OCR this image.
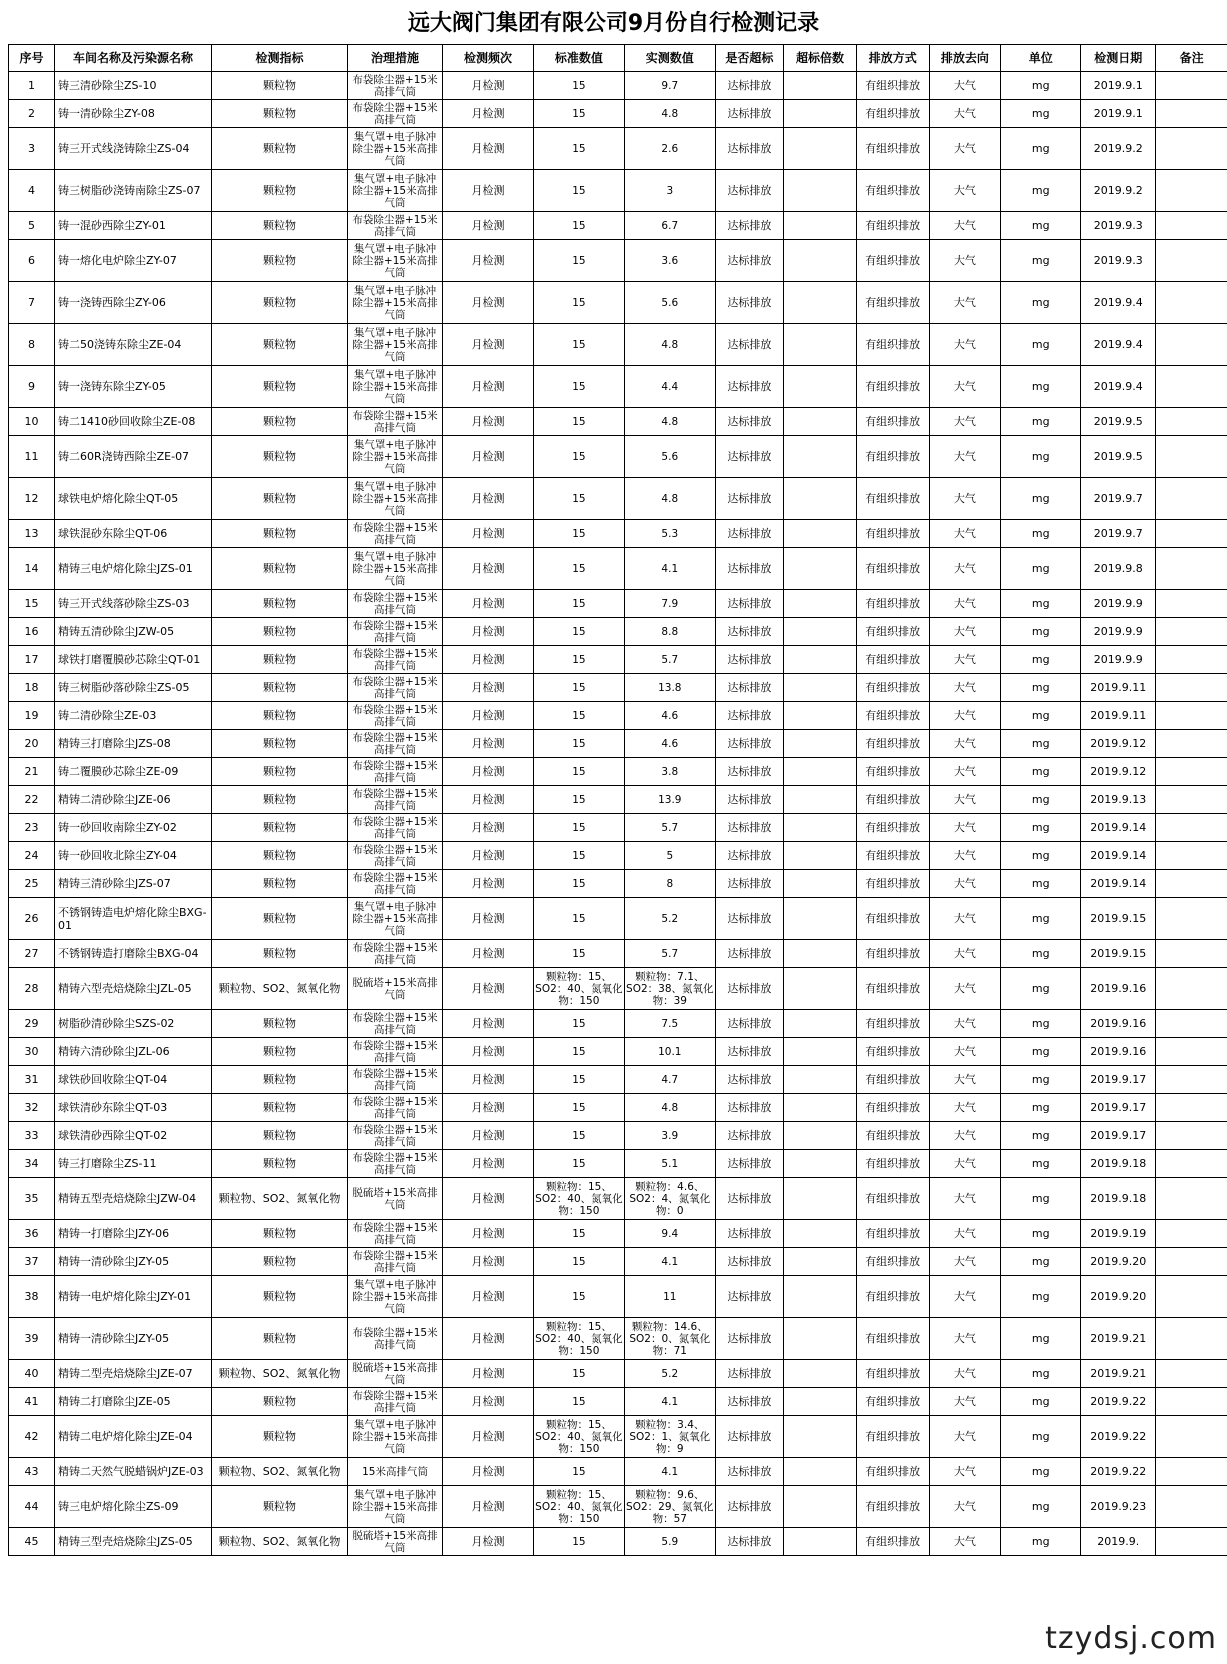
远大阀门集团有限公司9月份自行检测记录
序号	车间名称及污染源名称	检测指标	治理措施	检测频次	标准数值	实测数值	是否超标	超标倍数	排放方式	排放去向	单位	检测日期	备注
1	铸三清砂除尘ZS-10	颗粒物	布袋除尘器+15米高排气筒	月检测	15	9.7	达标排放		有组织排放	大气	mg	2019.9.1	
2	铸一清砂除尘ZY-08	颗粒物	布袋除尘器+15米高排气筒	月检测	15	4.8	达标排放		有组织排放	大气	mg	2019.9.1	
3	铸三开式线浇铸除尘ZS-04	颗粒物	集气罩+电子脉冲除尘器+15米高排气筒	月检测	15	2.6	达标排放		有组织排放	大气	mg	2019.9.2	
4	铸三树脂砂浇铸南除尘ZS-07	颗粒物	集气罩+电子脉冲除尘器+15米高排气筒	月检测	15	3	达标排放		有组织排放	大气	mg	2019.9.2	
5	铸一混砂西除尘ZY-01	颗粒物	布袋除尘器+15米高排气筒	月检测	15	6.7	达标排放		有组织排放	大气	mg	2019.9.3	
6	铸一熔化电炉除尘ZY-07	颗粒物	集气罩+电子脉冲除尘器+15米高排气筒	月检测	15	3.6	达标排放		有组织排放	大气	mg	2019.9.3	
7	铸一浇铸西除尘ZY-06	颗粒物	集气罩+电子脉冲除尘器+15米高排气筒	月检测	15	5.6	达标排放		有组织排放	大气	mg	2019.9.4	
8	铸二50浇铸东除尘ZE-04	颗粒物	集气罩+电子脉冲除尘器+15米高排气筒	月检测	15	4.8	达标排放		有组织排放	大气	mg	2019.9.4	
9	铸一浇铸东除尘ZY-05	颗粒物	集气罩+电子脉冲除尘器+15米高排气筒	月检测	15	4.4	达标排放		有组织排放	大气	mg	2019.9.4	
10	铸二1410砂回收除尘ZE-08	颗粒物	布袋除尘器+15米高排气筒	月检测	15	4.8	达标排放		有组织排放	大气	mg	2019.9.5	
11	铸二60R浇铸西除尘ZE-07	颗粒物	集气罩+电子脉冲除尘器+15米高排气筒	月检测	15	5.6	达标排放		有组织排放	大气	mg	2019.9.5	
12	球铁电炉熔化除尘QT-05	颗粒物	集气罩+电子脉冲除尘器+15米高排气筒	月检测	15	4.8	达标排放		有组织排放	大气	mg	2019.9.7	
13	球铁混砂东除尘QT-06	颗粒物	布袋除尘器+15米高排气筒	月检测	15	5.3	达标排放		有组织排放	大气	mg	2019.9.7	
14	精铸三电炉熔化除尘JZS-01	颗粒物	集气罩+电子脉冲除尘器+15米高排气筒	月检测	15	4.1	达标排放		有组织排放	大气	mg	2019.9.8	
15	铸三开式线落砂除尘ZS-03	颗粒物	布袋除尘器+15米高排气筒	月检测	15	7.9	达标排放		有组织排放	大气	mg	2019.9.9	
16	精铸五清砂除尘JZW-05	颗粒物	布袋除尘器+15米高排气筒	月检测	15	8.8	达标排放		有组织排放	大气	mg	2019.9.9	
17	球铁打磨覆膜砂芯除尘QT-01	颗粒物	布袋除尘器+15米高排气筒	月检测	15	5.7	达标排放		有组织排放	大气	mg	2019.9.9	
18	铸三树脂砂落砂除尘ZS-05	颗粒物	布袋除尘器+15米高排气筒	月检测	15	13.8	达标排放		有组织排放	大气	mg	2019.9.11	
19	铸二清砂除尘ZE-03	颗粒物	布袋除尘器+15米高排气筒	月检测	15	4.6	达标排放		有组织排放	大气	mg	2019.9.11	
20	精铸三打磨除尘JZS-08	颗粒物	布袋除尘器+15米高排气筒	月检测	15	4.6	达标排放		有组织排放	大气	mg	2019.9.12	
21	铸二覆膜砂芯除尘ZE-09	颗粒物	布袋除尘器+15米高排气筒	月检测	15	3.8	达标排放		有组织排放	大气	mg	2019.9.12	
22	精铸二清砂除尘JZE-06	颗粒物	布袋除尘器+15米高排气筒	月检测	15	13.9	达标排放		有组织排放	大气	mg	2019.9.13	
23	铸一砂回收南除尘ZY-02	颗粒物	布袋除尘器+15米高排气筒	月检测	15	5.7	达标排放		有组织排放	大气	mg	2019.9.14	
24	铸一砂回收北除尘ZY-04	颗粒物	布袋除尘器+15米高排气筒	月检测	15	5	达标排放		有组织排放	大气	mg	2019.9.14	
25	精铸三清砂除尘JZS-07	颗粒物	布袋除尘器+15米高排气筒	月检测	15	8	达标排放		有组织排放	大气	mg	2019.9.14	
26	不锈钢铸造电炉熔化除尘BXG-01	颗粒物	集气罩+电子脉冲除尘器+15米高排气筒	月检测	15	5.2	达标排放		有组织排放	大气	mg	2019.9.15	
27	不锈钢铸造打磨除尘BXG-04	颗粒物	布袋除尘器+15米高排气筒	月检测	15	5.7	达标排放		有组织排放	大气	mg	2019.9.15	
28	精铸六型壳焙烧除尘JZL-05	颗粒物、SO2、氮氧化物	脱硫塔+15米高排气筒	月检测	颗粒物：15、SO2：40、氮氧化物：150	颗粒物：7.1、SO2：38、氮氧化物：39	达标排放		有组织排放	大气	mg	2019.9.16	
29	树脂砂清砂除尘SZS-02	颗粒物	布袋除尘器+15米高排气筒	月检测	15	7.5	达标排放		有组织排放	大气	mg	2019.9.16	
30	精铸六清砂除尘JZL-06	颗粒物	布袋除尘器+15米高排气筒	月检测	15	10.1	达标排放		有组织排放	大气	mg	2019.9.16	
31	球铁砂回收除尘QT-04	颗粒物	布袋除尘器+15米高排气筒	月检测	15	4.7	达标排放		有组织排放	大气	mg	2019.9.17	
32	球铁清砂东除尘QT-03	颗粒物	布袋除尘器+15米高排气筒	月检测	15	4.8	达标排放		有组织排放	大气	mg	2019.9.17	
33	球铁清砂西除尘QT-02	颗粒物	布袋除尘器+15米高排气筒	月检测	15	3.9	达标排放		有组织排放	大气	mg	2019.9.17	
34	铸三打磨除尘ZS-11	颗粒物	布袋除尘器+15米高排气筒	月检测	15	5.1	达标排放		有组织排放	大气	mg	2019.9.18	
35	精铸五型壳焙烧除尘JZW-04	颗粒物、SO2、氮氧化物	脱硫塔+15米高排气筒	月检测	颗粒物：15、SO2：40、氮氧化物：150	颗粒物：4.6、SO2：4、氮氧化物：0	达标排放		有组织排放	大气	mg	2019.9.18	
36	精铸一打磨除尘JZY-06	颗粒物	布袋除尘器+15米高排气筒	月检测	15	9.4	达标排放		有组织排放	大气	mg	2019.9.19	
37	精铸一清砂除尘JZY-05	颗粒物	布袋除尘器+15米高排气筒	月检测	15	4.1	达标排放		有组织排放	大气	mg	2019.9.20	
38	精铸一电炉熔化除尘JZY-01	颗粒物	集气罩+电子脉冲除尘器+15米高排气筒	月检测	15	11	达标排放		有组织排放	大气	mg	2019.9.20	
39	精铸一清砂除尘JZY-05	颗粒物	布袋除尘器+15米高排气筒	月检测	颗粒物：15、SO2：40、氮氧化物：150	颗粒物：14.6、SO2：0、氮氧化物：71	达标排放		有组织排放	大气	mg	2019.9.21	
40	精铸二型壳焙烧除尘JZE-07	颗粒物、SO2、氮氧化物	脱硫塔+15米高排气筒	月检测	15	5.2	达标排放		有组织排放	大气	mg	2019.9.21	
41	精铸二打磨除尘JZE-05	颗粒物	布袋除尘器+15米高排气筒	月检测	15	4.1	达标排放		有组织排放	大气	mg	2019.9.22	
42	精铸二电炉熔化除尘JZE-04	颗粒物	集气罩+电子脉冲除尘器+15米高排气筒	月检测	颗粒物：15、SO2：40、氮氧化物：150	颗粒物：3.4、SO2：1、氮氧化物：9	达标排放		有组织排放	大气	mg	2019.9.22	
43	精铸二天然气脱蜡锅炉JZE-03	颗粒物、SO2、氮氧化物	15米高排气筒	月检测	15	4.1	达标排放		有组织排放	大气	mg	2019.9.22	
44	铸三电炉熔化除尘ZS-09	颗粒物	集气罩+电子脉冲除尘器+15米高排气筒	月检测	颗粒物：15、SO2：40、氮氧化物：150	颗粒物：9.6、SO2：29、氮氧化物：57	达标排放		有组织排放	大气	mg	2019.9.23	
45	精铸三型壳焙烧除尘JZS-05	颗粒物、SO2、氮氧化物	脱硫塔+15米高排气筒	月检测	15	5.9	达标排放		有组织排放	大气	mg	2019.9.	
tzydsj.com
